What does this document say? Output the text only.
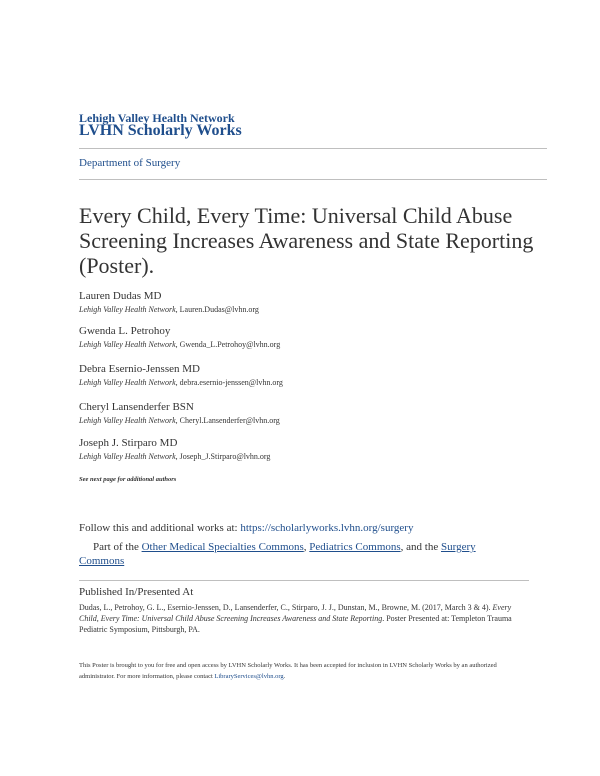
Lehigh Valley Health Network
LVHN Scholarly Works
Department of Surgery
Every Child, Every Time: Universal Child Abuse Screening Increases Awareness and State Reporting (Poster).
Lauren Dudas MD
Lehigh Valley Health Network, Lauren.Dudas@lvhn.org
Gwenda L. Petrohoy
Lehigh Valley Health Network, Gwenda_L.Petrohoy@lvhn.org
Debra Esernio-Jenssen MD
Lehigh Valley Health Network, debra.esernio-jenssen@lvhn.org
Cheryl Lansenderfer BSN
Lehigh Valley Health Network, Cheryl.Lansenderfer@lvhn.org
Joseph J. Stirparo MD
Lehigh Valley Health Network, Joseph_J.Stirparo@lvhn.org
See next page for additional authors
Follow this and additional works at: https://scholarlyworks.lvhn.org/surgery
Part of the Other Medical Specialties Commons, Pediatrics Commons, and the Surgery Commons
Published In/Presented At
Dudas, L., Petrohoy, G. L., Esernio-Jenssen, D., Lansenderfer, C., Stirparo, J. J., Dunstan, M., Browne, M. (2017, March 3 & 4). Every Child, Every Time: Universal Child Abuse Screening Increases Awareness and State Reporting. Poster Presented at: Templeton Trauma Pediatric Symposium, Pittsburgh, PA.
This Poster is brought to you for free and open access by LVHN Scholarly Works. It has been accepted for inclusion in LVHN Scholarly Works by an authorized administrator. For more information, please contact LibraryServices@lvhn.org.
